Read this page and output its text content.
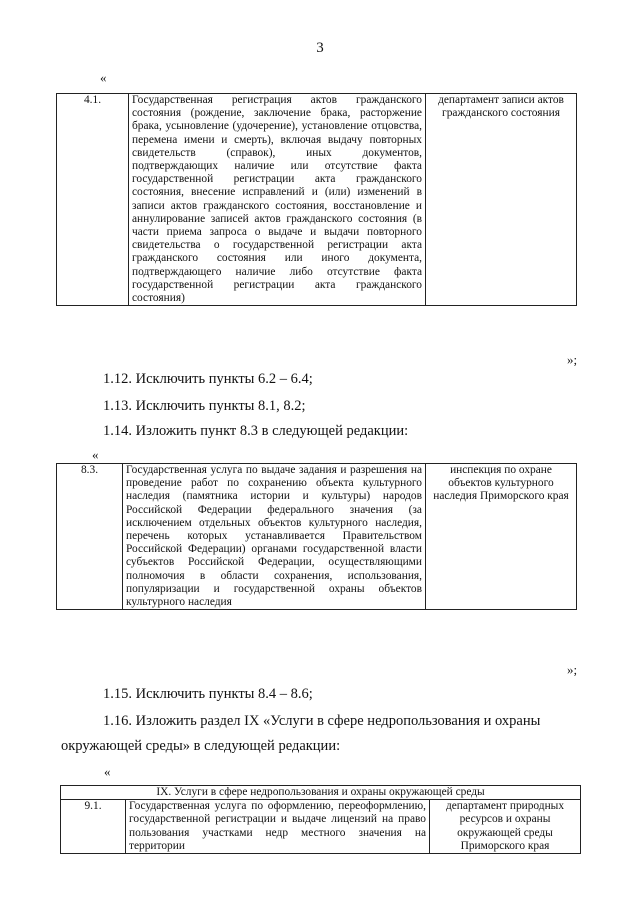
3
«
4.1.	Государственная регистрация актов гражданского состояния (рождение, заключение брака, расторжение брака, усыновление (удочерение), установление отцовства, перемена имени и смерть), включая выдачу повторных свидетельств (справок), иных документов, подтверждающих наличие или отсутствие факта государственной регистрации акта гражданского состояния, внесение исправлений и (или) изменений в записи актов гражданского состояния, восстановление и аннулирование записей актов гражданского состояния (в части приема запроса о выдаче и выдачи повторного свидетельства о государственной регистрации акта гражданского состояния или иного документа, подтверждающего наличие либо отсутствие факта государственной регистрации акта гражданского состояния)	департамент записи актов гражданского состояния
»;
1.12. Исключить пункты 6.2 – 6.4;
1.13. Исключить пункты 8.1, 8.2;
1.14. Изложить пункт 8.3 в следующей редакции:
«
8.3.	Государственная услуга по выдаче задания и разрешения на проведение работ по сохранению объекта культурного наследия (памятника истории и культуры) народов Российской Федерации федерального значения (за исключением отдельных объектов культурного наследия, перечень которых устанавливается Правительством Российской Федерации) органами государственной власти субъектов Российской Федерации, осуществляющими полномочия в области сохранения, использования, популяризации и государственной охраны объектов культурного наследия	инспекция по охране объектов культурного наследия Приморского края
»;
1.15. Исключить пункты 8.4 – 8.6;
1.16. Изложить раздел IX «Услуги в сфере недропользования и охраны
окружающей среды» в следующей редакции:
«
IX. Услуги в сфере недропользования и охраны окружающей среды
9.1.	Государственная услуга по оформлению, переоформлению, государственной регистрации и выдаче лицензий на право пользования участками недр местного значения на территории	департамент природных ресурсов и охраны окружающей среды Приморского края
